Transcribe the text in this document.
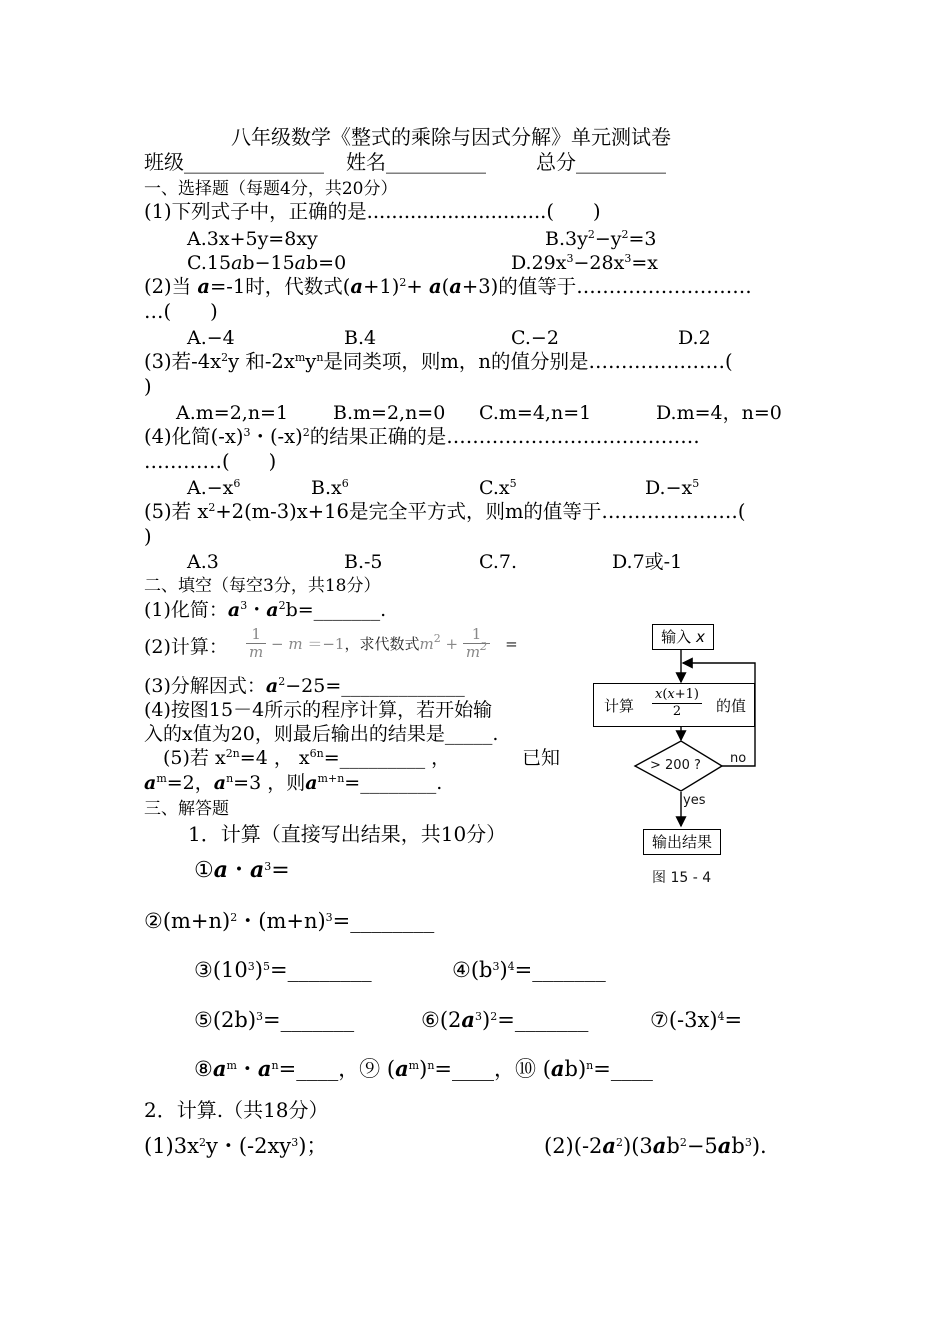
八年级数学《整式的乘除与因式分解》单元测试卷
班级______________ 姓名__________	总分_________
一、选择题（每题4分，共20分）
(1)下列式子中，正确的是.............................(　　)
A.3x+5y=8xy	$B.3y^2-y^2=3$
C.15ab−15ab=0	$D.29x^3-28x^3=x$
(2)当 a=-1时，代数式$(a+1)^2+ a(a+3)$的值等于………………………
…(　　)
A.−4	B.4	C.−2	D.2
(3)若$-4x^2y$ 和$-2x^my^n$是同类项，则m，n的值分别是…………………(
)
A.m=2,n=1 B.m=2,n=0 C.m=4,n=1	D.m=4，n=0
(4)化简$(-x)^3$・$(-x)^2$的结果正确的是…………………………………
…………(　　)
$A.-x^6$	$B.x^6$	$C.x^5$	$D.-x^5$
(5)若 $x^2+2(m-3)x+16$是完全平方式，则m的值等于…………………(
)
A.3	B.-5	C.7.	D.7或-1
二、填空（每空3分，共18分）
(1)化简：$a^3$・$a^2b=\_\_\_\_\_\_\_$.
(2)计算： $\frac{1}{m} - m =-1$，求代数式$m^2 + \frac{1}{m^2}$ 　=
(3)分解因式：$a^2-25=\_\_\_\_\_\_\_\_\_\_\_\_\_$
(4)按图15－4所示的程序计算，若开始输
入的x值为20，则最后输出的结果是_____.
(5)若 $x^{2n}=4$ ， $x^{6n}=\_\_\_\_\_\_\_\_\_$ ，	已知
$a^m=2$，$a^n=3$ ，则$a^{m+n}=\_\_\_\_\_\_\_\_$.
输入 x
计算 $\frac{x(x+1)}{2}$ 的值
> 200 ? no
yes
输出结果
图 15 - 4
三、解答题
1．计算（直接写出结果，共10分）
①a・$a^3=$
$②(m+n)^2$・$(m+n)^3=\_\_\_\_\_\_\_\_$
$③(10^3)^5=\_\_\_\_\_\_\_\_$	$④(b^3)^4=\_\_\_\_\_\_\_$
$⑤(2b)^3=\_\_\_\_\_\_\_$	$⑥(2a^3)^2=\_\_\_\_\_\_\_$	$⑦(-3x)^4=$
$⑧a^m$・$a^n=\_\_\_\_$，⑨ $(a^m)^n=\_\_\_\_$，⑩ (ab)$^n$=____
2．计算.（共18分）
$(1)3x^2y$・$(-2xy^3)$；	$(2)(-2a^2)(3ab^2-5ab^3)$.
